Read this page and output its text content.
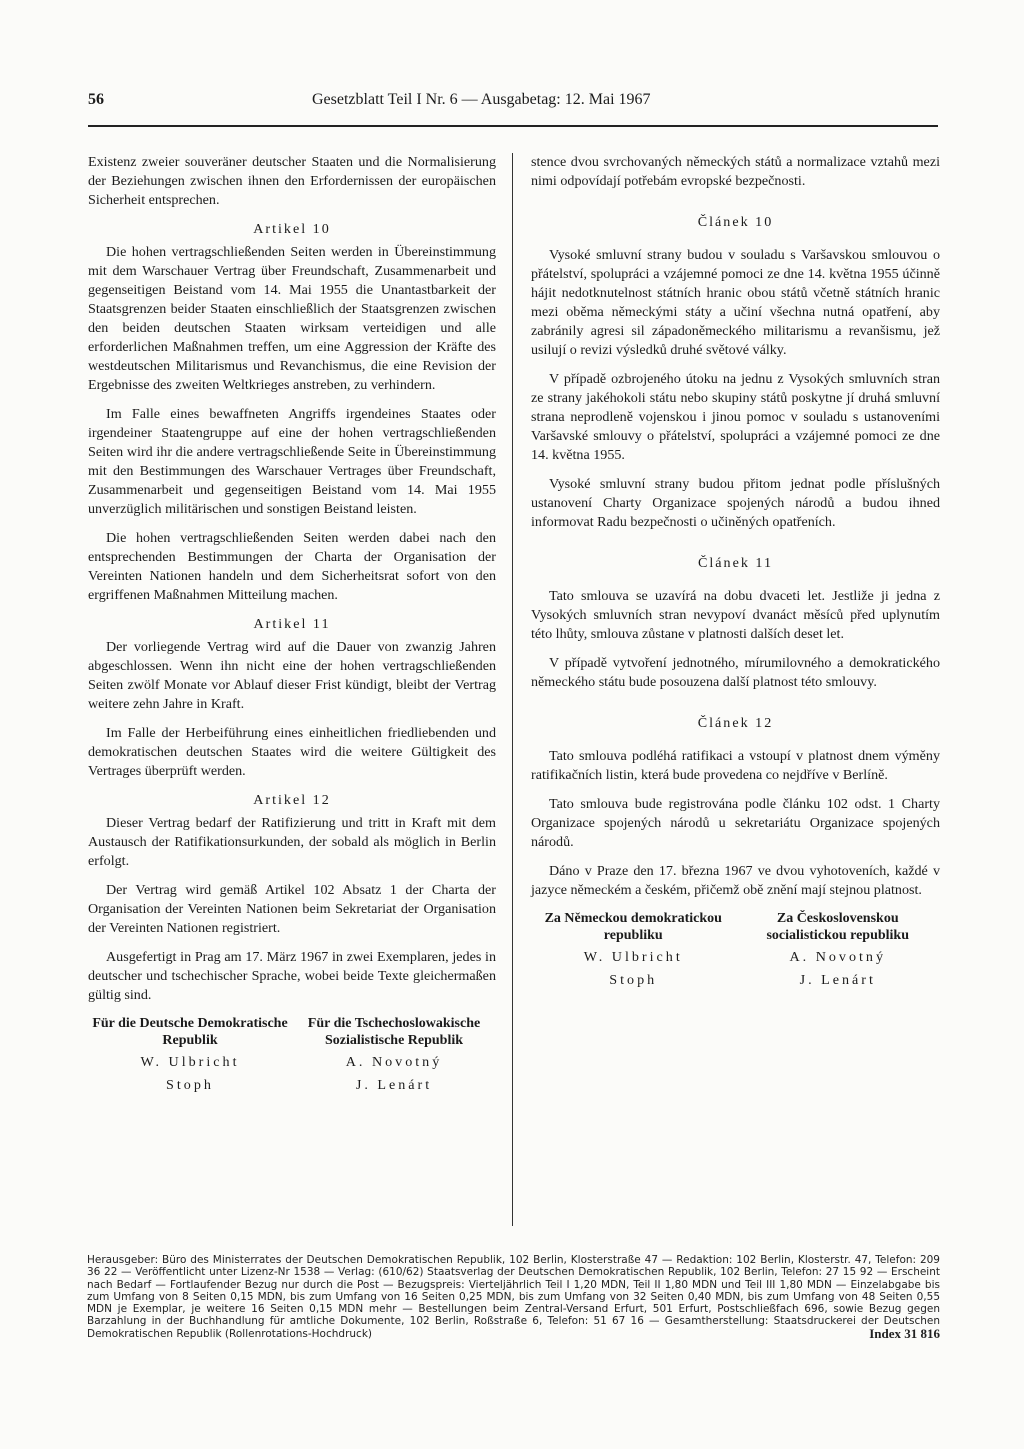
56	Gesetzblatt Teil I Nr. 6 — Ausgabetag: 12. Mai 1967

Existenz zweier souveräner deutscher Staaten und die Normalisierung der Beziehungen zwischen ihnen den Erfordernissen der europäischen Sicherheit entsprechen.

Artikel 10

Die hohen vertragschließenden Seiten werden in Übereinstimmung mit dem Warschauer Vertrag über Freundschaft, Zusammenarbeit und gegenseitigen Beistand vom 14. Mai 1955 die Unantastbarkeit der Staatsgrenzen beider Staaten einschließlich der Staatsgrenzen zwischen den beiden deutschen Staaten wirksam verteidigen und alle erforderlichen Maßnahmen treffen, um eine Aggression der Kräfte des westdeutschen Militarismus und Revanchismus, die eine Revision der Ergebnisse des zweiten Weltkrieges anstreben, zu verhindern.

Im Falle eines bewaffneten Angriffs irgendeines Staates oder irgendeiner Staatengruppe auf eine der hohen vertragschließenden Seiten wird ihr die andere vertragschließende Seite in Übereinstimmung mit den Bestimmungen des Warschauer Vertrages über Freundschaft, Zusammenarbeit und gegenseitigen Beistand vom 14. Mai 1955 unverzüglich militärischen und sonstigen Beistand leisten.

Die hohen vertragschließenden Seiten werden dabei nach den entsprechenden Bestimmungen der Charta der Organisation der Vereinten Nationen handeln und dem Sicherheitsrat sofort von den ergriffenen Maßnahmen Mitteilung machen.

Artikel 11

Der vorliegende Vertrag wird auf die Dauer von zwanzig Jahren abgeschlossen. Wenn ihn nicht eine der hohen vertragschließenden Seiten zwölf Monate vor Ablauf dieser Frist kündigt, bleibt der Vertrag weitere zehn Jahre in Kraft.

Im Falle der Herbeiführung eines einheitlichen friedliebenden und demokratischen deutschen Staates wird die weitere Gültigkeit des Vertrages überprüft werden.

Artikel 12

Dieser Vertrag bedarf der Ratifizierung und tritt in Kraft mit dem Austausch der Ratifikationsurkunden, der sobald als möglich in Berlin erfolgt.

Der Vertrag wird gemäß Artikel 102 Absatz 1 der Charta der Organisation der Vereinten Nationen beim Sekretariat der Organisation der Vereinten Nationen registriert.

Ausgefertigt in Prag am 17. März 1967 in zwei Exemplaren, jedes in deutscher und tschechischer Sprache, wobei beide Texte gleichermaßen gültig sind.

Für die Deutsche Demokratische Republik
W. Ulbricht
Stoph
Für die Tschechoslowakische Sozialistische Republik
A. Novotný
J. Lenárt

stence dvou svrchovaných německých států a normalizace vztahů mezi nimi odpovídají potřebám evropské bezpečnosti.

Článek 10

Vysoké smluvní strany budou v souladu s Varšavskou smlouvou o přátelství, spolupráci a vzájemné pomoci ze dne 14. května 1955 účinně hájit nedotknutelnost státních hranic obou států včetně státních hranic mezi oběma německými státy a učiní všechna nutná opatření, aby zabránily agresi sil západoněmeckého militarismu a revanšismu, jež usilují o revizi výsledků druhé světové války.

V případě ozbrojeného útoku na jednu z Vysokých smluvních stran ze strany jakéhokoli státu nebo skupiny států poskytne jí druhá smluvní strana neprodleně vojenskou i jinou pomoc v souladu s ustanoveními Varšavské smlouvy o přátelství, spolupráci a vzájemné pomoci ze dne 14. května 1955.

Vysoké smluvní strany budou přitom jednat podle příslušných ustanovení Charty Organizace spojených národů a budou ihned informovat Radu bezpečnosti o učiněných opatřeních.

Článek 11

Tato smlouva se uzavírá na dobu dvaceti let. Jestliže ji jedna z Vysokých smluvních stran nevypoví dvanáct měsíců před uplynutím této lhůty, smlouva zůstane v platnosti dalších deset let.

V případě vytvoření jednotného, mírumilovného a demokratického německého státu bude posouzena další platnost této smlouvy.

Článek 12

Tato smlouva podléhá ratifikaci a vstoupí v platnost dnem výměny ratifikačních listin, která bude provedena co nejdříve v Berlíně.

Tato smlouva bude registrována podle článku 102 odst. 1 Charty Organizace spojených národů u sekretariátu Organizace spojených národů.

Dáno v Praze den 17. března 1967 ve dvou vyhotoveních, každé v jazyce německém a českém, přičemž obě znění mají stejnou platnost.

Za Německou demokratickou republiku
W. Ulbricht
Stoph
Za Československou socialistickou republiku
A. Novotný
J. Lenárt
Herausgeber: Büro des Ministerrates der Deutschen Demokratischen Republik, 102 Berlin, Klosterstraße 47 — Redaktion: 102 Berlin, Klosterstr. 47, Telefon: 209 36 22 — Veröffentlicht unter Lizenz-Nr 1538 — Verlag: (610/62) Staatsverlag der Deutschen Demokratischen Republik, 102 Berlin, Telefon: 27 15 92 — Erscheint nach Bedarf — Fortlaufender Bezug nur durch die Post — Bezugspreis: Vierteljährlich Teil I 1,20 MDN, Teil II 1,80 MDN und Teil III 1,80 MDN — Einzelabgabe bis zum Umfang von 8 Seiten 0,15 MDN, bis zum Umfang von 16 Seiten 0,25 MDN, bis zum Umfang von 32 Seiten 0,40 MDN, bis zum Umfang von 48 Seiten 0,55 MDN je Exemplar, je weitere 16 Seiten 0,15 MDN mehr — Bestellungen beim Zentral-Versand Erfurt, 501 Erfurt, Postschließfach 696, sowie Bezug gegen Barzahlung in der Buchhandlung für amtliche Dokumente, 102 Berlin, Roßstraße 6, Telefon: 51 67 16 — Gesamtherstellung: Staatsdruckerei der Deutschen Demokratischen Republik (Rollenrotations-Hochdruck)	Index 31 816
